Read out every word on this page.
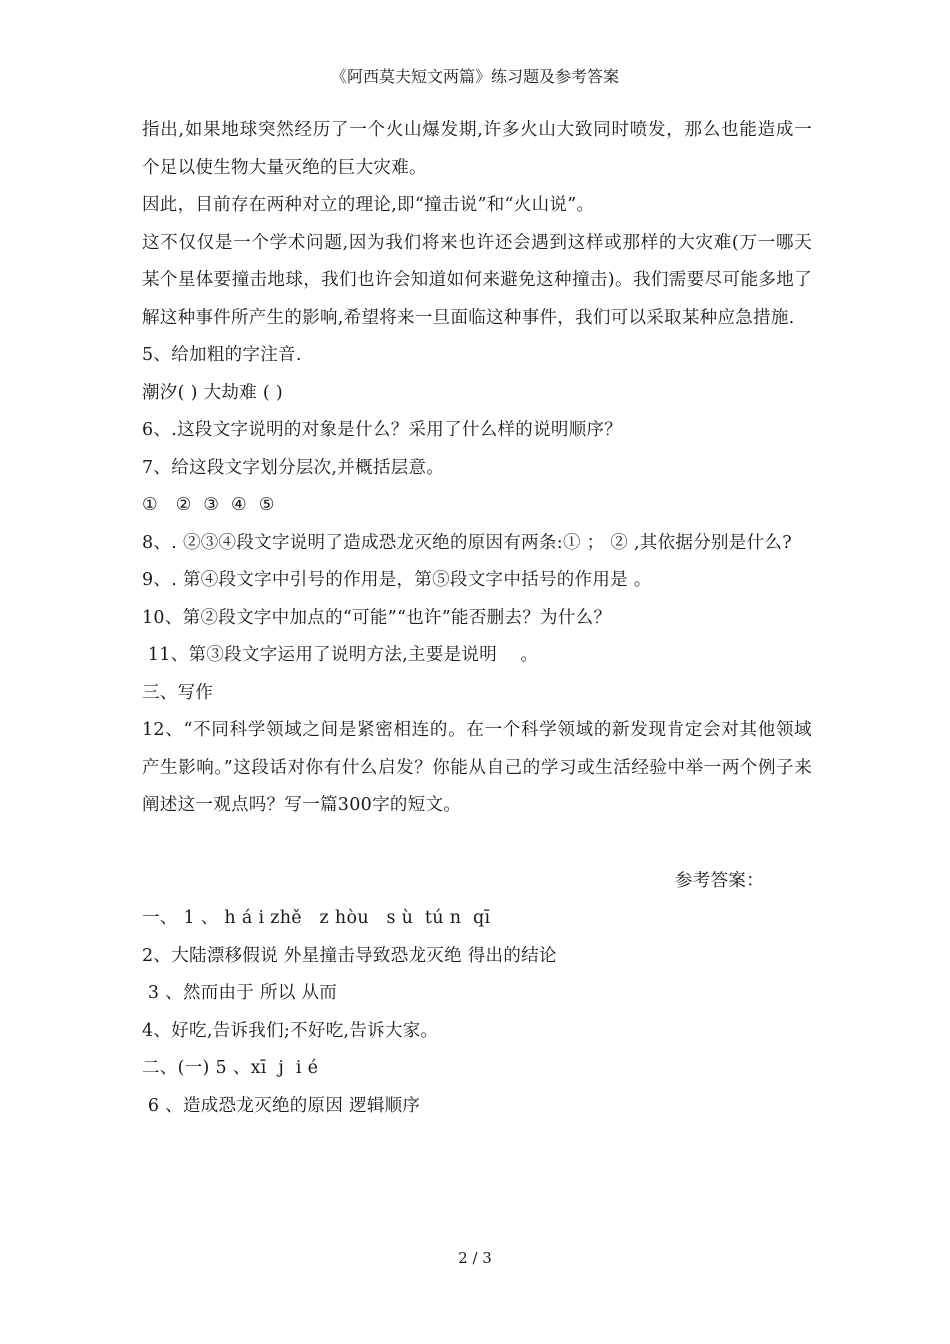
《阿西莫夫短文两篇》练习题及参考答案

指出,如果地球突然经历了一个火山爆发期,许多火山大致同时喷发，那么也能造成一个足以使生物大量灭绝的巨大灾难。

因此，目前存在两种对立的理论,即“撞击说”和“火山说”。

这不仅仅是一个学术问题,因为我们将来也许还会遇到这样或那样的大灾难(万一哪天某个星体要撞击地球，我们也许会知道如何来避免这种撞击)。我们需要尽可能多地了解这种事件所产生的影响,希望将来一旦面临这种事件，我们可以采取某种应急措施.

5、给加粗的字注音.

潮汐( ) 大劫难 ( )

6、.这段文字说明的对象是什么？采用了什么样的说明顺序？

7、给这段文字划分层次,并概括层意。

①   ②  ③  ④  ⑤

8、. ②③④段文字说明了造成恐龙灭绝的原因有两条:① ； ② ,其依据分别是什么?

9、. 第④段文字中引号的作用是，第⑤段文字中括号的作用是 。

10、第②段文字中加点的“可能”“也许”能否删去？为什么？

11、第③段文字运用了说明方法,主要是说明    。

三、写作

12、“不同科学领域之间是紧密相连的。在一个科学领域的新发现肯定会对其他领域产生影响。”这段话对你有什么启发？你能从自己的学习或生活经验中举一两个例子来阐述这一观点吗？写一篇300字的短文。

参考答案：

一、 1 、 h á i zhě   z hòu   s ù  tú n  qī

2、大陆漂移假说 外星撞击导致恐龙灭绝 得出的结论

3 、然而由于 所以 从而

4、好吃,告诉我们;不好吃,告诉大家。

二、(一) 5 、xī  j  i é

6 、造成恐龙灭绝的原因 逻辑顺序

2 / 3
